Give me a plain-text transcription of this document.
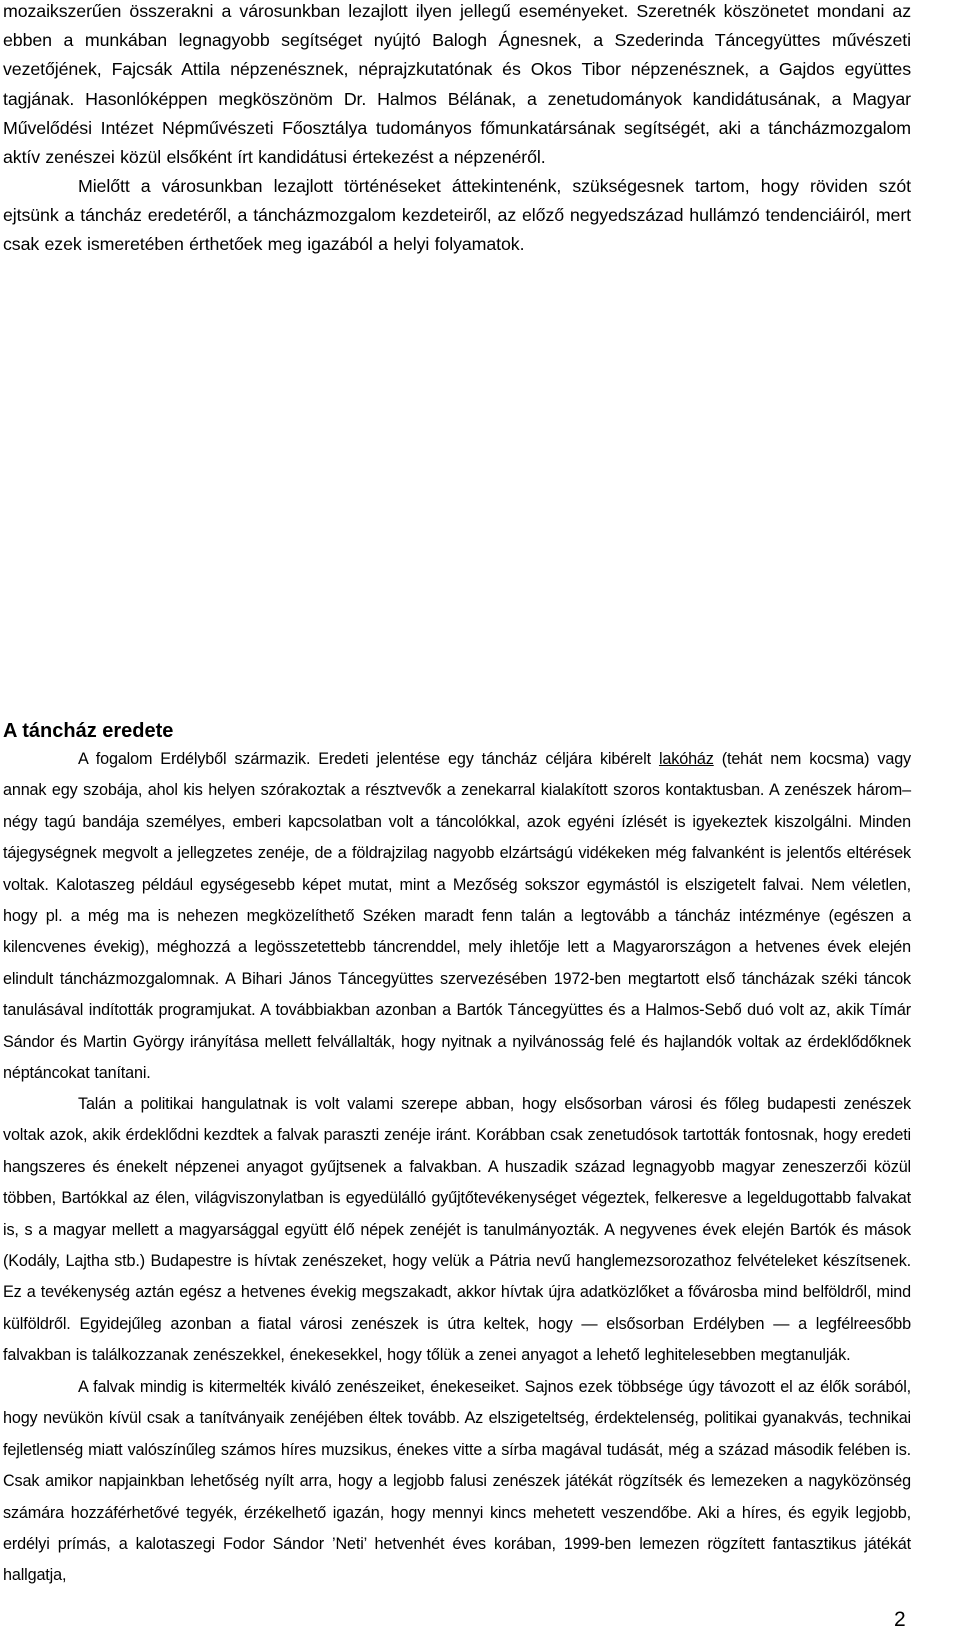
mozaikszerűen összerakni a városunkban lezajlott ilyen jellegű eseményeket. Szeretnék köszönetet mondani az ebben a munkában legnagyobb segítséget nyújtó Balogh Ágnesnek, a Szederinda Táncegyüttes művészeti vezetőjének, Fajcsák Attila népzenésznek, néprajzkutatónak és Okos Tibor népzenésznek, a Gajdos együttes tagjának. Hasonlóképpen megköszönöm Dr. Halmos Bélának, a zenetudományok kandidátusának, a Magyar Művelődési Intézet Népművészeti Főosztálya tudományos főmunkatársának segítségét, aki a táncházmozgalom aktív zenészei közül elsőként írt kandidátusi értekezést a népzenéről.
Mielőtt a városunkban lezajlott történéseket áttekintenénk, szükségesnek tartom, hogy röviden szót ejtsünk a táncház eredetéről, a táncházmozgalom kezdeteiről, az előző negyedszázad hullámzó tendenciáiról, mert csak ezek ismeretében érthetőek meg igazából a helyi folyamatok.
A táncház eredete
A fogalom Erdélyből származik. Eredeti jelentése egy táncház céljára kibérelt lakóház (tehát nem kocsma) vagy annak egy szobája, ahol kis helyen szórakoztak a résztvevők a zenekarral kialakított szoros kontaktusban. A zenészek három–négy tagú bandája személyes, emberi kapcsolatban volt a táncolókkal, azok egyéni ízlését is igyekeztek kiszolgálni. Minden tájegységnek megvolt a jellegzetes zenéje, de a földrajzilag nagyobb elzártságú vidékeken még falvanként is jelentős eltérések voltak. Kalotaszeg például egységesebb képet mutat, mint a Mezőség sokszor egymástól is elszigetelt falvai. Nem véletlen, hogy pl. a még ma is nehezen megközelíthető Széken maradt fenn talán a legtovább a táncház intézménye (egészen a kilencvenes évekig), méghozzá a legösszetettebb táncrenddel, mely ihletője lett a Magyarországon a hetvenes évek elején elindult táncházmozgalomnak. A Bihari János Táncegyüttes szervezésében 1972-ben megtartott első táncházak széki táncok tanulásával indították programjukat. A továbbiakban azonban a Bartók Táncegyüttes és a Halmos-Sebő duó volt az, akik Tímár Sándor és Martin György irányítása mellett felvállalták, hogy nyitnak a nyilvánosság felé és hajlandók voltak az érdeklődőknek néptáncokat tanítani.
Talán a politikai hangulatnak is volt valami szerepe abban, hogy elsősorban városi és főleg budapesti zenészek voltak azok, akik érdeklődni kezdtek a falvak paraszti zenéje iránt. Korábban csak zenetudósok tartották fontosnak, hogy eredeti hangszeres és énekelt népzenei anyagot gyűjtsenek a falvakban. A huszadik század legnagyobb magyar zeneszerzői közül többen, Bartókkal az élen, világviszonylatban is egyedülálló gyűjtőtevékenységet végeztek, felkeresve a legeldugottabb falvakat is, s a magyar mellett a magyarsággal együtt élő népek zenéjét is tanulmányozták. A negyvenes évek elején Bartók és mások (Kodály, Lajtha stb.) Budapestre is hívtak zenészeket, hogy velük a Pátria nevű hanglemezsorozathoz felvételeket készítsenek. Ez a tevékenység aztán egész a hetvenes évekig megszakadt, akkor hívtak újra adatközlőket a fővárosba mind belföldről, mind külföldről. Egyidejűleg azonban a fiatal városi zenészek is útra keltek, hogy — elsősorban Erdélyben — a legfélreesőbb falvakban is találkozzanak zenészekkel, énekesekkel, hogy tőlük a zenei anyagot a lehető leghitelesebben megtanulják.
A falvak mindig is kitermelték kiváló zenészeiket, énekeseiket. Sajnos ezek többsége úgy távozott el az élők sorából, hogy nevükön kívül csak a tanítványaik zenéjében éltek tovább. Az elszigeteltség, érdektelenség, politikai gyanakvás, technikai fejletlenség miatt valószínűleg számos híres muzsikus, énekes vitte a sírba magával tudását, még a század második felében is. Csak amikor napjainkban lehetőség nyílt arra, hogy a legjobb falusi zenészek játékát rögzítsék és lemezeken a nagyközönség számára hozzáférhetővé tegyék, érzékelhető igazán, hogy mennyi kincs mehetett veszendőbe. Aki a híres, és egyik legjobb, erdélyi prímás, a kalotaszegi Fodor Sándor ’Neti’ hetvenhét éves korában, 1999-ben lemezen rögzített fantasztikus játékát hallgatja,
2
